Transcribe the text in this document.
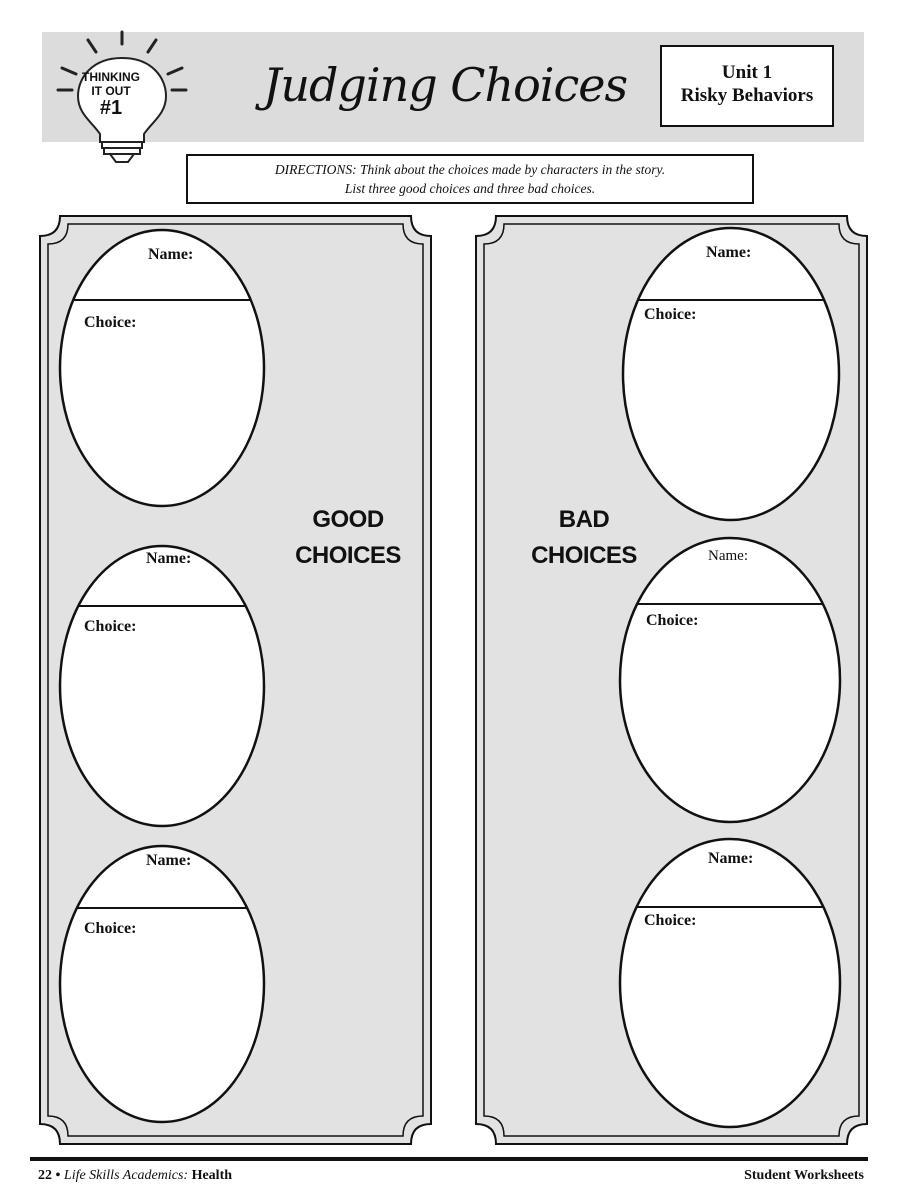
THINKING
IT OUT
#1	Judging Choices	Unit 1
Risky Behaviors
DIRECTIONS: Think about the choices made by characters in the story.
List three good choices and three bad choices.
Name:
Choice:
Name:
Choice:
Name:
Choice:
GOOD
CHOICES
Name:
Choice:
Name:
Choice:
Name:
Choice:
BAD
CHOICES
22 • Life Skills Academics: Health	Student Worksheets
